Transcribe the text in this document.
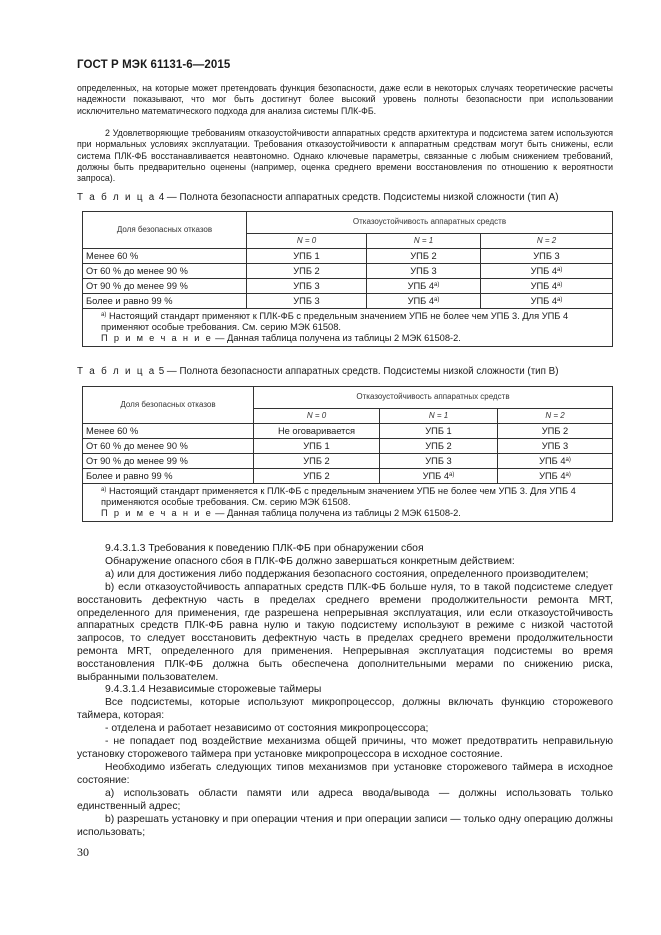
ГОСТ Р МЭК 61131-6—2015
определенных, на которые может претендовать функция безопасности, даже если в некоторых случаях теоретические расчеты надежности показывают, что мог быть достигнут более высокий уровень полноты безопасности при использовании исключительно математического подхода для анализа системы ПЛК-ФБ.
2 Удовлетворяющие требованиям отказоустойчивости аппаратных средств архитектура и подсистема затем используются при нормальных условиях эксплуатации. Требования отказоустойчивости к аппаратным средствам могут быть снижены, если система ПЛК-ФБ восстанавливается неавтономно. Однако ключевые параметры, связанные с любым снижением требований, должны быть предварительно оценены (например, оценка среднего времени восстановления по отношению к вероятности запроса).
Т а б л и ц а 4 — Полнота безопасности аппаратных средств. Подсистемы низкой сложности (тип А)
Доля безопасных отказов	Отказоустойчивость аппаратных средств		
	N = 0	N = 1	N = 2
Менее 60 %	УПБ 1	УПБ 2	УПБ 3
От 60 % до менее 90 %	УПБ 2	УПБ 3	УПБ $4^{а)}$
От 90 % до менее 99 %	УПБ 3	УПБ $4^{а)}$	УПБ $4^{а)}$
Более и равно 99 %	УПБ 3	УПБ $4^{а)}$	УПБ $4^{а)}$

$^{а)}$ Настоящий стандарт применяют к ПЛК-ФБ с предельным значением УПБ не более чем УПБ 3. Для УПБ 4 применяют особые требования. См. серию МЭК 61508.
П р и м е ч а н и е — Данная таблица получена из таблицы 2 МЭК 61508-2.			
Т а б л и ц а 5 — Полнота безопасности аппаратных средств. Подсистемы низкой сложности (тип В)
Доля безопасных отказов	Отказоустойчивость аппаратных средств		
	N = 0	N = 1	N = 2
Менее 60 %	Не оговаривается	УПБ 1	УПБ 2
От 60 % до менее 90 %	УПБ 1	УПБ 2	УПБ 3
От 90 % до менее 99 %	УПБ 2	УПБ 3	УПБ $4^{а)}$
Более и равно 99 %	УПБ 2	УПБ $4^{а)}$	УПБ $4^{а)}$

$^{а)}$ Настоящий стандарт применяется к ПЛК-ФБ с предельным значением УПБ не более чем УПБ 3. Для УПБ 4 применяются особые требования. См. серию МЭК 61508.
П р и м е ч а н и е — Данная таблица получена из таблицы 2 МЭК 61508-2.			
9.4.3.1.3 Требования к поведению ПЛК-ФБ при обнаружении сбоя
Обнаружение опасного сбоя в ПЛК-ФБ должно завершаться конкретным действием:
а) или для достижения либо поддержания безопасного состояния, определенного производителем;
b) если отказоустойчивость аппаратных средств ПЛК-ФБ больше нуля, то в такой подсистеме следует восстановить дефектную часть в пределах среднего времени продолжительности ремонта MRT, определенного для применения, где разрешена непрерывная эксплуатация, или если отказоустойчивость аппаратных средств ПЛК-ФБ равна нулю и такую подсистему используют в режиме с низкой частотой запросов, то следует восстановить дефектную часть в пределах среднего времени продолжительности ремонта MRT, определенного для применения. Непрерывная эксплуатация подсистемы во время восстановления ПЛК-ФБ должна быть обеспечена дополнительными мерами по снижению риска, выбранными пользователем.
9.4.3.1.4 Независимые сторожевые таймеры
Все подсистемы, которые используют микропроцессор, должны включать функцию сторожевого таймера, которая:
- отделена и работает независимо от состояния микропроцессора;
- не попадает под воздействие механизма общей причины, что может предотвратить неправильную установку сторожевого таймера при установке микропроцессора в исходное состояние.
Необходимо избегать следующих типов механизмов при установке сторожевого таймера в исходное состояние:
а) использовать области памяти или адреса ввода/вывода — должны использовать только единственный адрес;
b) разрешать установку и при операции чтения и при операции записи — только одну операцию должны использовать;
30
